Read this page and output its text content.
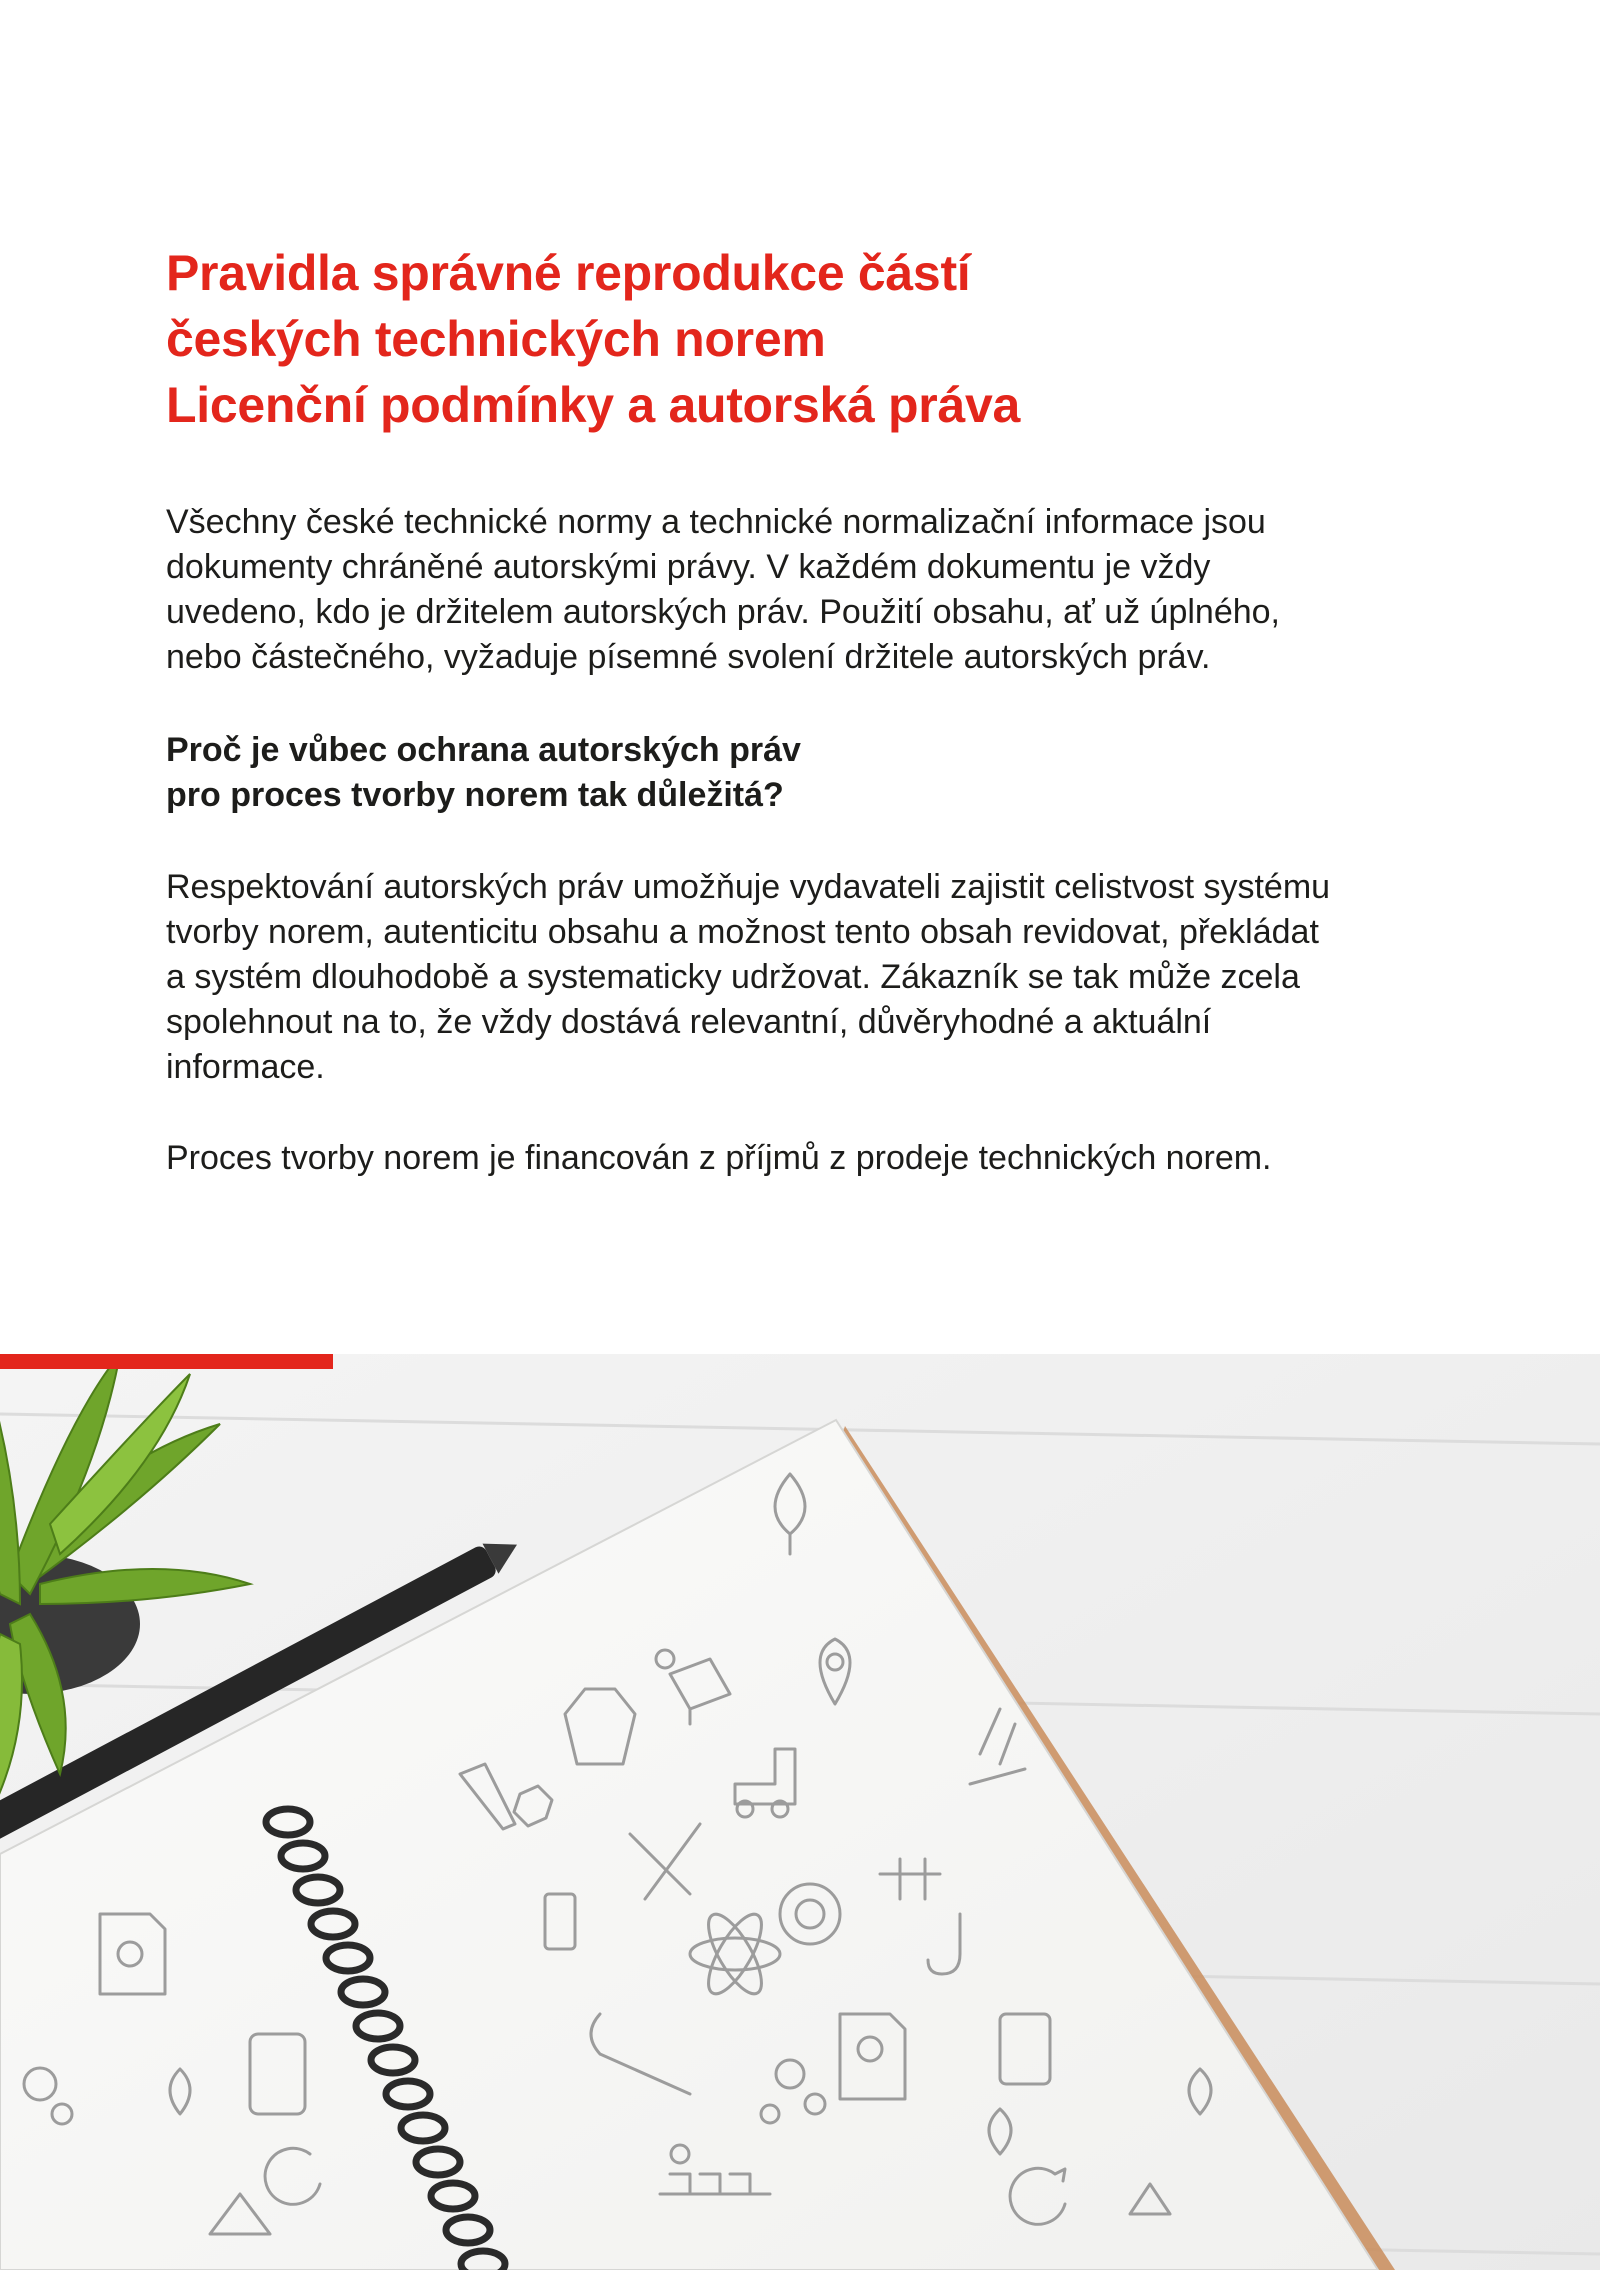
Pravidla správné reprodukce částí
českých technických norem
Licenční podmínky a autorská práva

Všechny české technické normy a technické normalizační informace jsou
dokumenty chráněné autorskými právy. V každém dokumentu je vždy
uvedeno, kdo je držitelem autorských práv. Použití obsahu, ať už úplného,
nebo částečného, vyžaduje písemné svolení držitele autorských práv.

Proč je vůbec ochrana autorských práv
pro proces tvorby norem tak důležitá?

Respektování autorských práv umožňuje vydavateli zajistit celistvost systému
tvorby norem, autenticitu obsahu a možnost tento obsah revidovat, překládat
a systém dlouhodobě a systematicky udržovat. Zákazník se tak může zcela
spolehnout na to, že vždy dostává relevantní, důvěryhodné a aktuální
informace.

Proces tvorby norem je financován z příjmů z prodeje technických norem.
